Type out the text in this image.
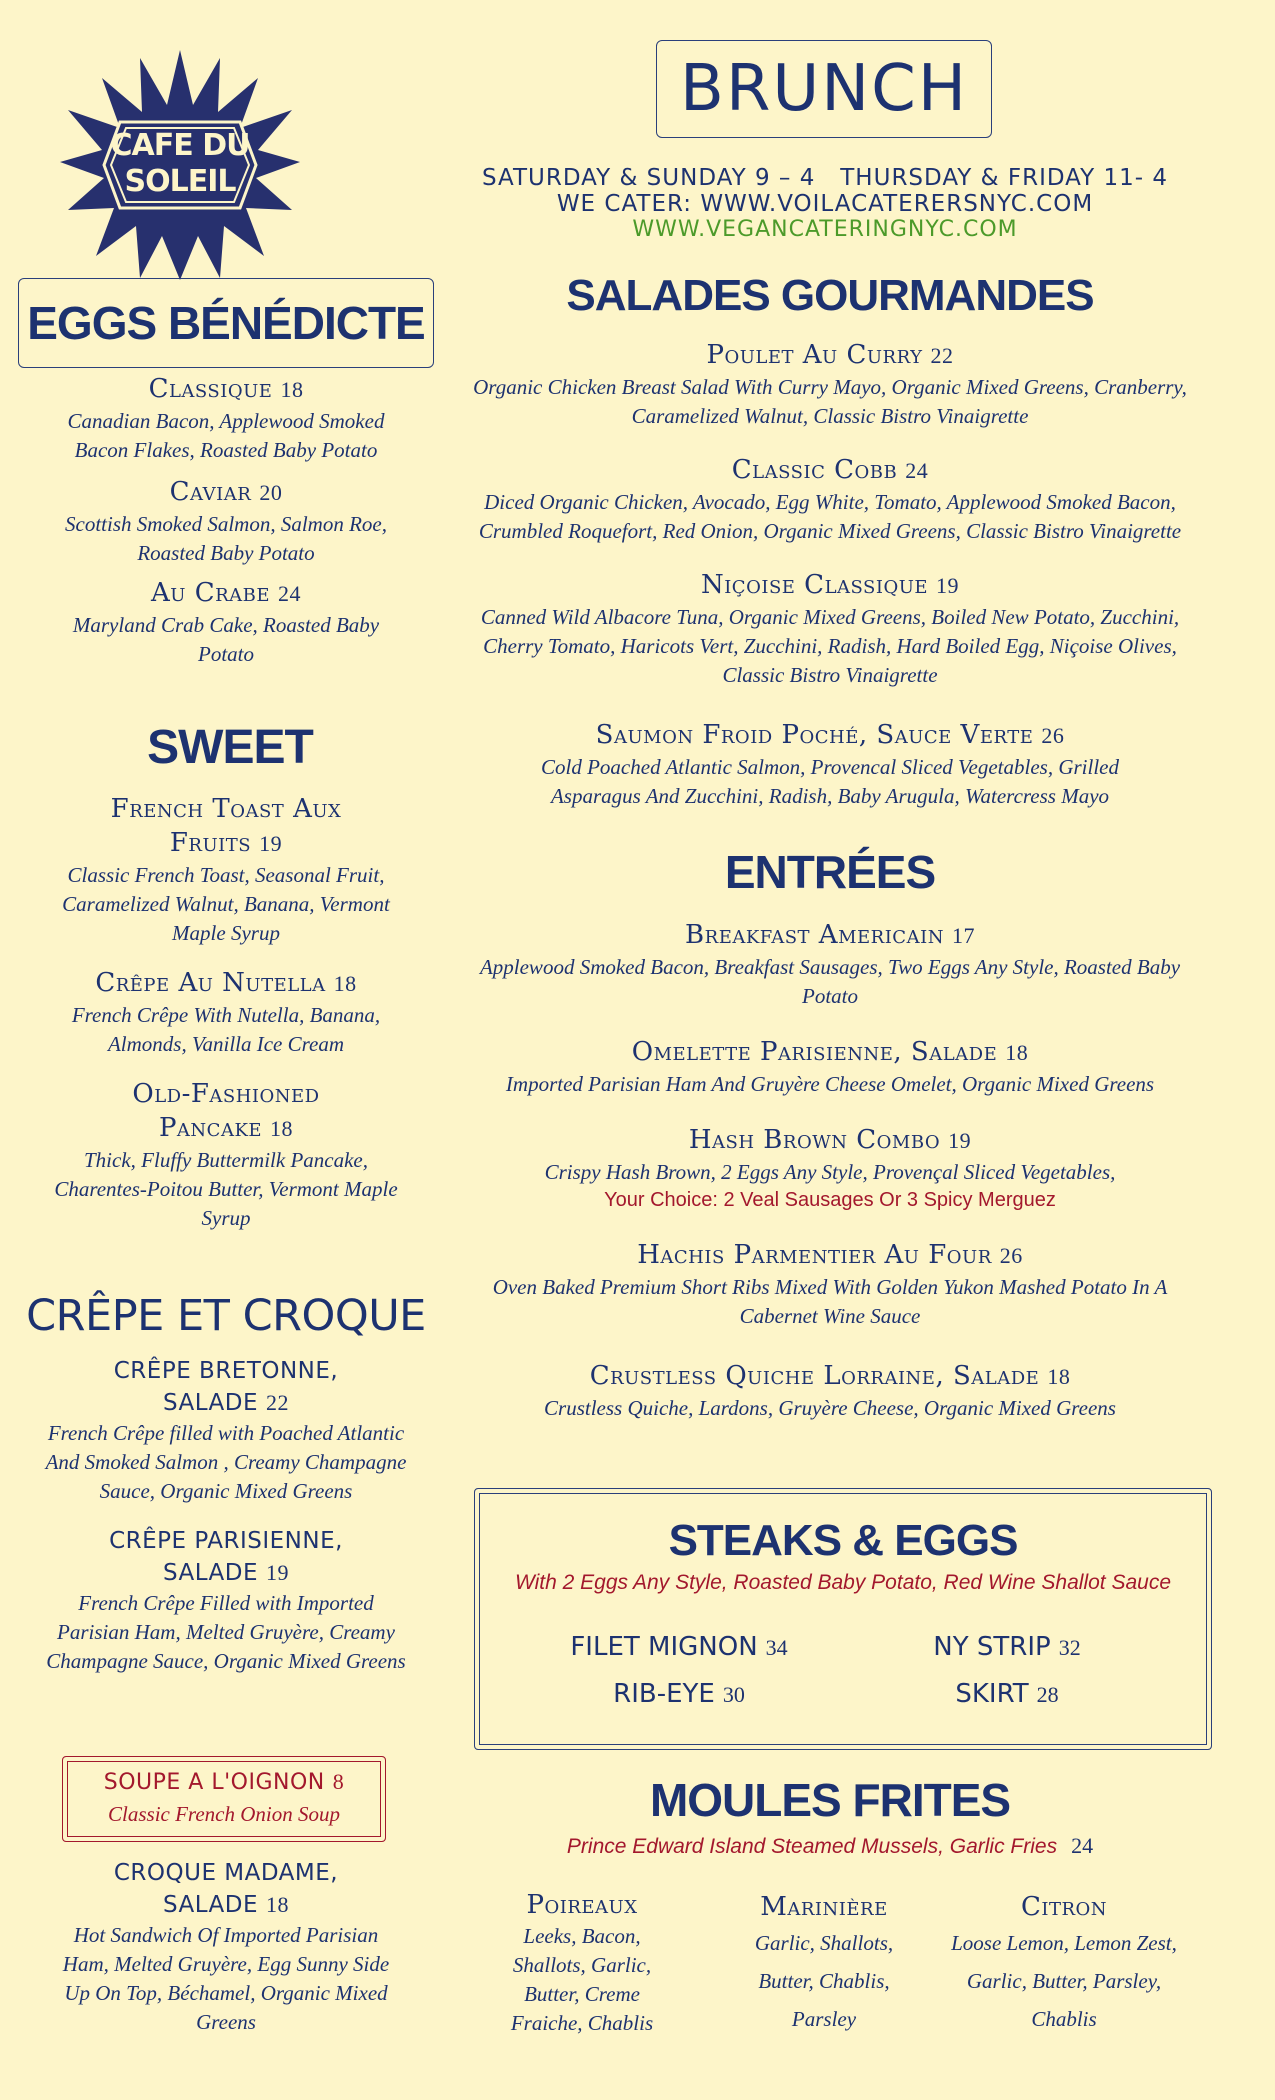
CAFE DU
SOLEIL
BRUNCH
SATURDAY & SUNDAY 9 – 4   THURSDAY & FRIDAY 11- 4
WE CATER: WWW.VOILACATERERSNYC.COM
WWW.VEGANCATERINGNYC.COM
EGGS BÉNÉDICTE
Classique 18
Canadian Bacon, Applewood Smoked Bacon Flakes, Roasted Baby Potato
Caviar 20
Scottish Smoked Salmon, Salmon Roe, Roasted Baby Potato
Au Crabe 24
Maryland Crab Cake, Roasted Baby Potato
SWEET
French Toast Aux Fruits 19
Classic French Toast, Seasonal Fruit, Caramelized Walnut, Banana, Vermont Maple Syrup
Crêpe Au Nutella 18
French Crêpe With Nutella, Banana, Almonds, Vanilla Ice Cream
Old-Fashioned Pancake 18
Thick, Fluffy Buttermilk Pancake, Charentes-Poitou Butter, Vermont Maple Syrup
CRÊPE ET CROQUE
CRÊPE BRETONNE, SALADE 22
French Crêpe filled with Poached Atlantic And Smoked Salmon , Creamy Champagne Sauce, Organic Mixed Greens
CRÊPE PARISIENNE, SALADE 19
French Crêpe Filled with Imported Parisian Ham, Melted Gruyère, Creamy Champagne Sauce, Organic Mixed Greens
SOUPE A L'OIGNON 8
Classic French Onion Soup
CROQUE MADAME, SALADE 18
Hot Sandwich Of Imported Parisian Ham, Melted Gruyère, Egg Sunny Side Up On Top, Béchamel, Organic Mixed Greens
SALADES GOURMANDES
Poulet Au Curry 22
Organic Chicken Breast Salad With Curry Mayo, Organic Mixed Greens, Cranberry, Caramelized Walnut, Classic Bistro Vinaigrette
Classic Cobb 24
Diced Organic Chicken, Avocado, Egg White, Tomato, Applewood Smoked Bacon, Crumbled Roquefort, Red Onion, Organic Mixed Greens, Classic Bistro Vinaigrette
Niçoise Classique 19
Canned Wild Albacore Tuna, Organic Mixed Greens, Boiled New Potato, Zucchini, Cherry Tomato, Haricots Vert, Zucchini, Radish, Hard Boiled Egg, Niçoise Olives, Classic Bistro Vinaigrette
Saumon Froid Poché, Sauce Verte 26
Cold Poached Atlantic Salmon, Provencal Sliced Vegetables, Grilled Asparagus And Zucchini, Radish, Baby Arugula, Watercress Mayo
ENTRÉES
Breakfast Americain 17
Applewood Smoked Bacon, Breakfast Sausages, Two Eggs Any Style, Roasted Baby Potato
Omelette Parisienne, Salade 18
Imported Parisian Ham And Gruyère Cheese Omelet, Organic Mixed Greens
Hash Brown Combo 19
Crispy Hash Brown, 2 Eggs Any Style, Provençal Sliced Vegetables,
Your Choice: 2 Veal Sausages Or 3 Spicy Merguez
Hachis Parmentier Au Four 26
Oven Baked Premium Short Ribs Mixed With Golden Yukon Mashed Potato In A Cabernet Wine Sauce
Crustless Quiche Lorraine, Salade 18
Crustless Quiche, Lardons, Gruyère Cheese, Organic Mixed Greens
STEAKS & EGGS
With 2 Eggs Any Style, Roasted Baby Potato, Red Wine Shallot Sauce
FILET MIGNON 34	NY STRIP 32
RIB-EYE 30	SKIRT 28
MOULES FRITES
Prince Edward Island Steamed Mussels, Garlic Fries 24
Poireaux
Leeks, Bacon, Shallots, Garlic, Butter, Creme Fraiche, Chablis
Marinière
Garlic, Shallots, Butter, Chablis, Parsley
Citron
Loose Lemon, Lemon Zest, Garlic, Butter, Parsley, Chablis
